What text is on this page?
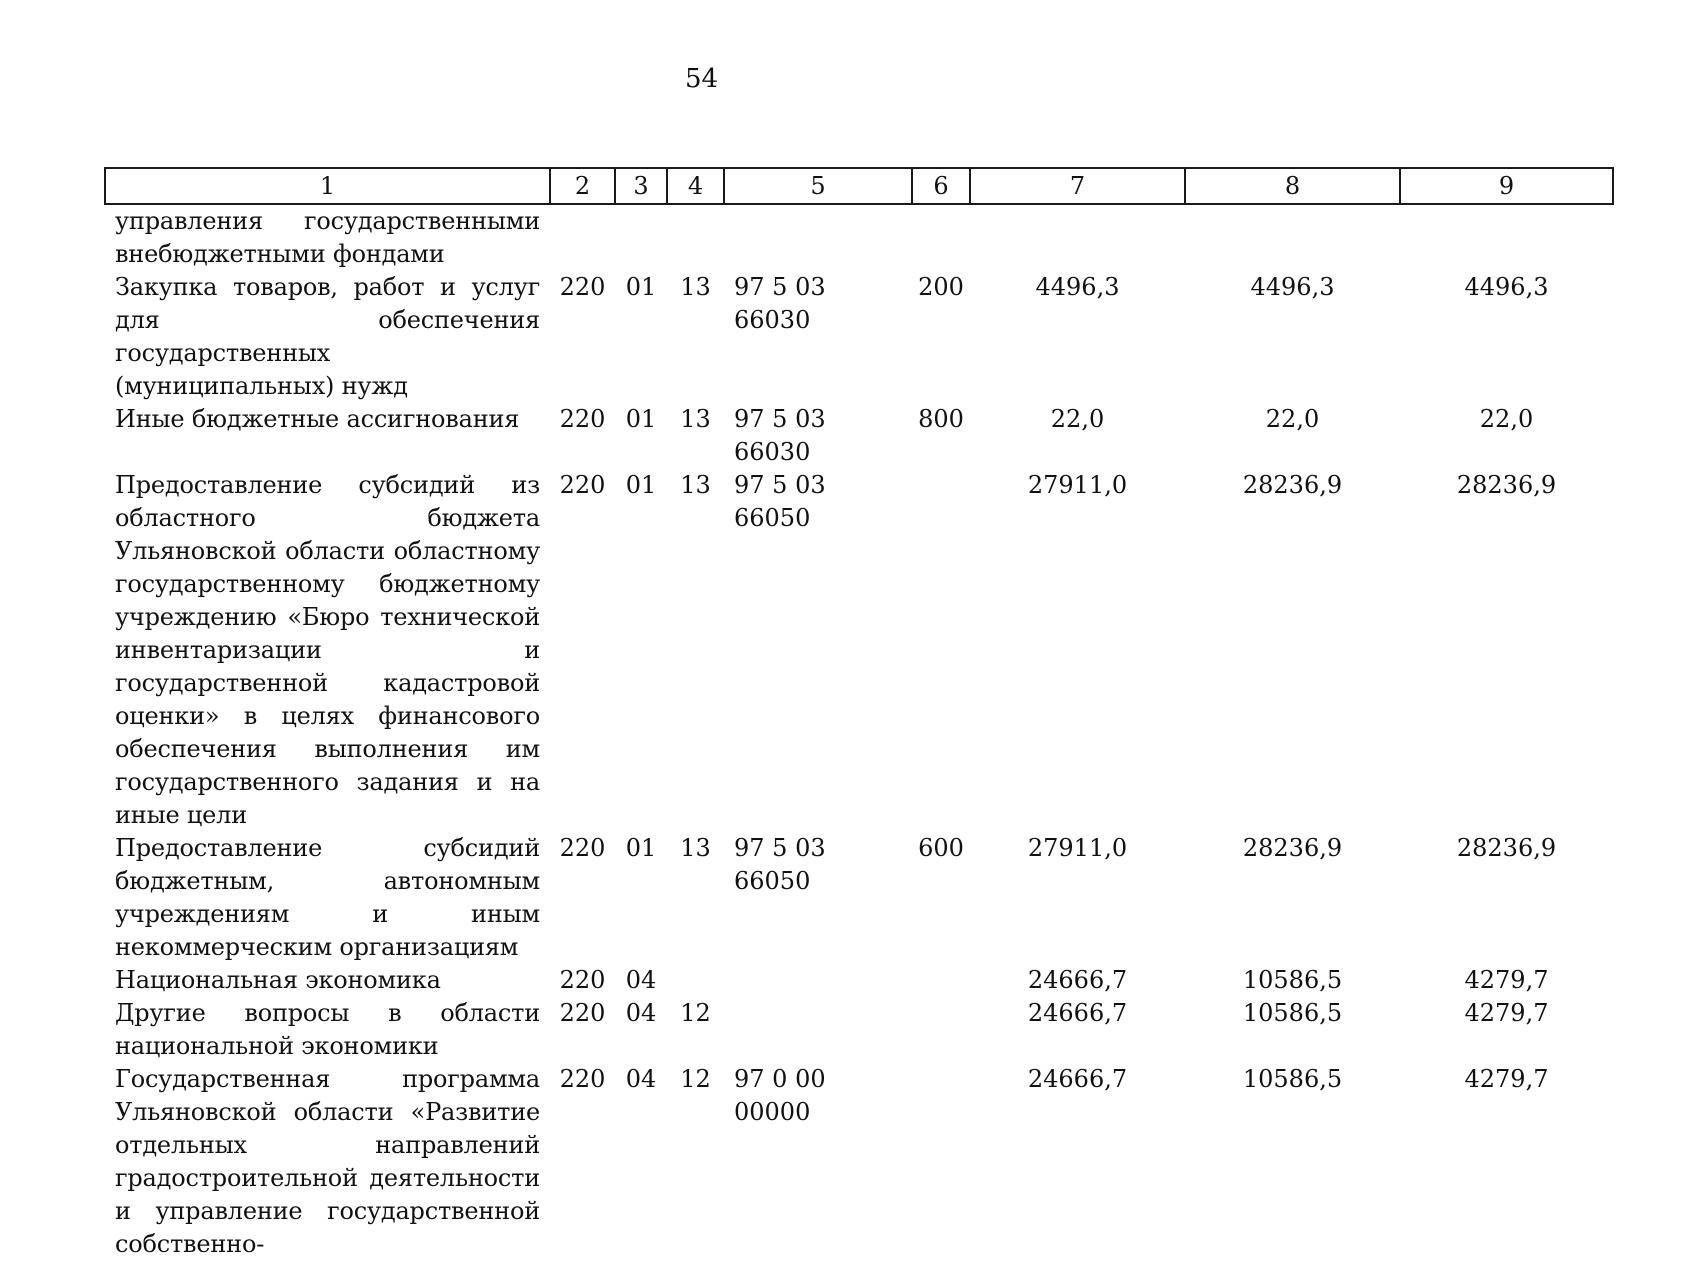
54
1	2	3	4	5	6	7	8	9
управления государственными внебюджетными фондами								
Закупка товаров, работ и услуг для обеспечения государственных (муниципальных) нужд	220	01	13	97 5 03 66030	200	4496,3	4496,3	4496,3
Иные бюджетные ассигнования	220	01	13	97 5 03 66030	800	22,0	22,0	22,0
Предоставление субсидий из областного бюджета Ульяновской области областному государственному бюджетному учреждению «Бюро технической инвентаризации и государственной кадастровой оценки» в целях финансового обеспечения выполнения им государственного задания и на иные цели	220	01	13	97 5 03 66050		27911,0	28236,9	28236,9
Предоставление субсидий бюджетным, автономным учреждениям и иным некоммерческим организациям	220	01	13	97 5 03 66050	600	27911,0	28236,9	28236,9
Национальная экономика	220	04				24666,7	10586,5	4279,7
Другие вопросы в области национальной экономики	220	04	12			24666,7	10586,5	4279,7
Государственная программа Ульяновской области «Развитие отдельных направлений градостроительной деятельности и управление государственной собственно-	220	04	12	97 0 00 00000		24666,7	10586,5	4279,7
